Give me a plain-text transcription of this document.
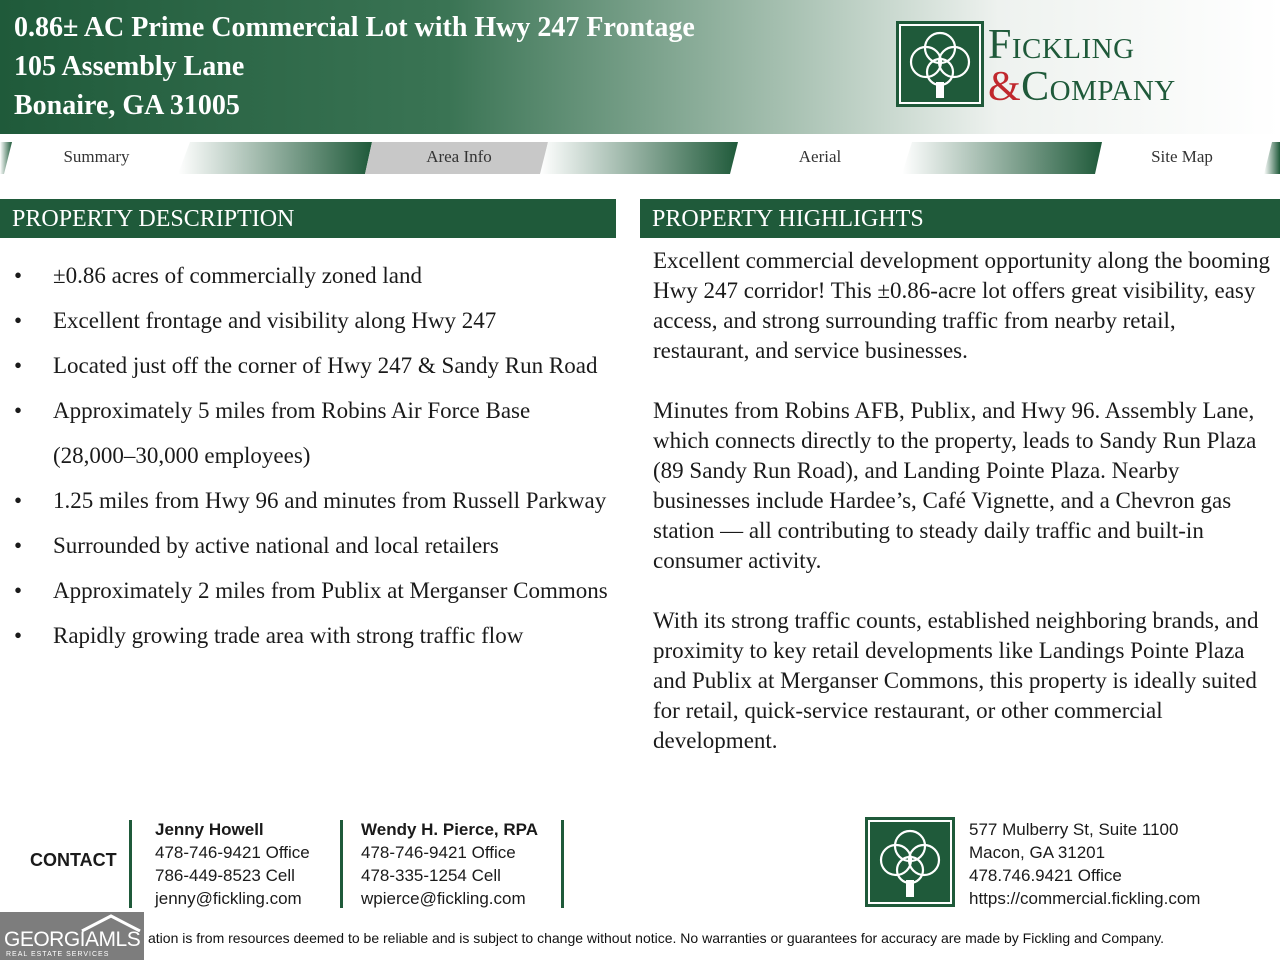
0.86± AC Prime Commercial Lot with Hwy 247 Frontage
105 Assembly Lane
Bonaire, GA 31005
Fickling
&Company
Summary	Area Info	Aerial	Site Map
PROPERTY DESCRIPTION	PROPERTY HIGHLIGHTS
• ±0.86 acres of commercially zoned land
• Excellent frontage and visibility along Hwy 247
• Located just off the corner of Hwy 247 & Sandy Run Road
• Approximately 5 miles from Robins Air Force Base (28,000–30,000 employees)
• 1.25 miles from Hwy 96 and minutes from Russell Parkway
• Surrounded by active national and local retailers
• Approximately 2 miles from Publix at Merganser Commons
• Rapidly growing trade area with strong traffic flow

Excellent commercial development opportunity along the booming Hwy 247 corridor! This ±0.86-acre lot offers great visibility, easy access, and strong surrounding traffic from nearby retail, restaurant, and service businesses.

Minutes from Robins AFB, Publix, and Hwy 96. Assembly Lane, which connects directly to the property, leads to Sandy Run Plaza (89 Sandy Run Road), and Landing Pointe Plaza. Nearby businesses include Hardee’s, Café Vignette, and a Chevron gas station — all contributing to steady daily traffic and built-in consumer activity.

With its strong traffic counts, established neighboring brands, and proximity to key retail developments like Landings Pointe Plaza and Publix at Merganser Commons, this property is ideally suited for retail, quick-service restaurant, or other commercial development.

CONTACT
Jenny Howell
478-746-9421 Office
786-449-8523 Cell
jenny@fickling.com
Wendy H. Pierce, RPA
478-746-9421 Office
478-335-1254 Cell
wpierce@fickling.com
577 Mulberry St, Suite 1100
Macon, GA 31201
478.746.9421 Office
https://commercial.fickling.com
ation is from resources deemed to be reliable and is subject to change without notice. No warranties or guarantees for accuracy are made by Fickling and Company.
GEORGIAMLS
REAL ESTATE SERVICES
